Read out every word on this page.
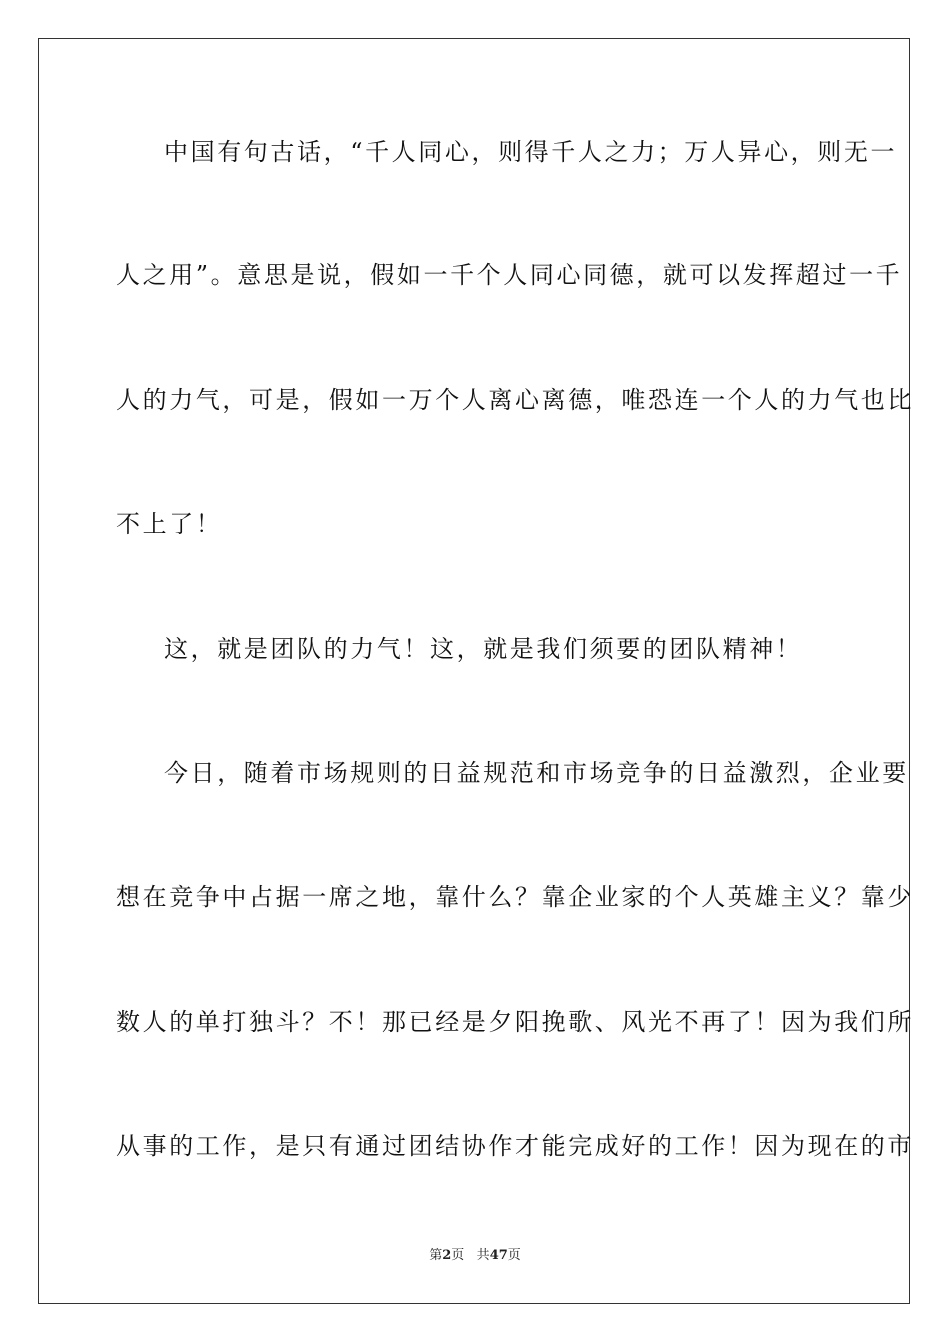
中国有句古话，“千人同心，则得千人之力；万人异心，则无一
人之用”。意思是说，假如一千个人同心同德，就可以发挥超过一千
人的力气，可是，假如一万个人离心离德，唯恐连一个人的力气也比
不上了！
这，就是团队的力气！这，就是我们须要的团队精神！
今日，随着市场规则的日益规范和市场竞争的日益激烈，企业要
想在竞争中占据一席之地，靠什么？靠企业家的个人英雄主义？靠少
数人的单打独斗？不！那已经是夕阳挽歌、风光不再了！因为我们所
从事的工作，是只有通过团结协作才能完成好的工作！因为现在的市
第2页 共47页
